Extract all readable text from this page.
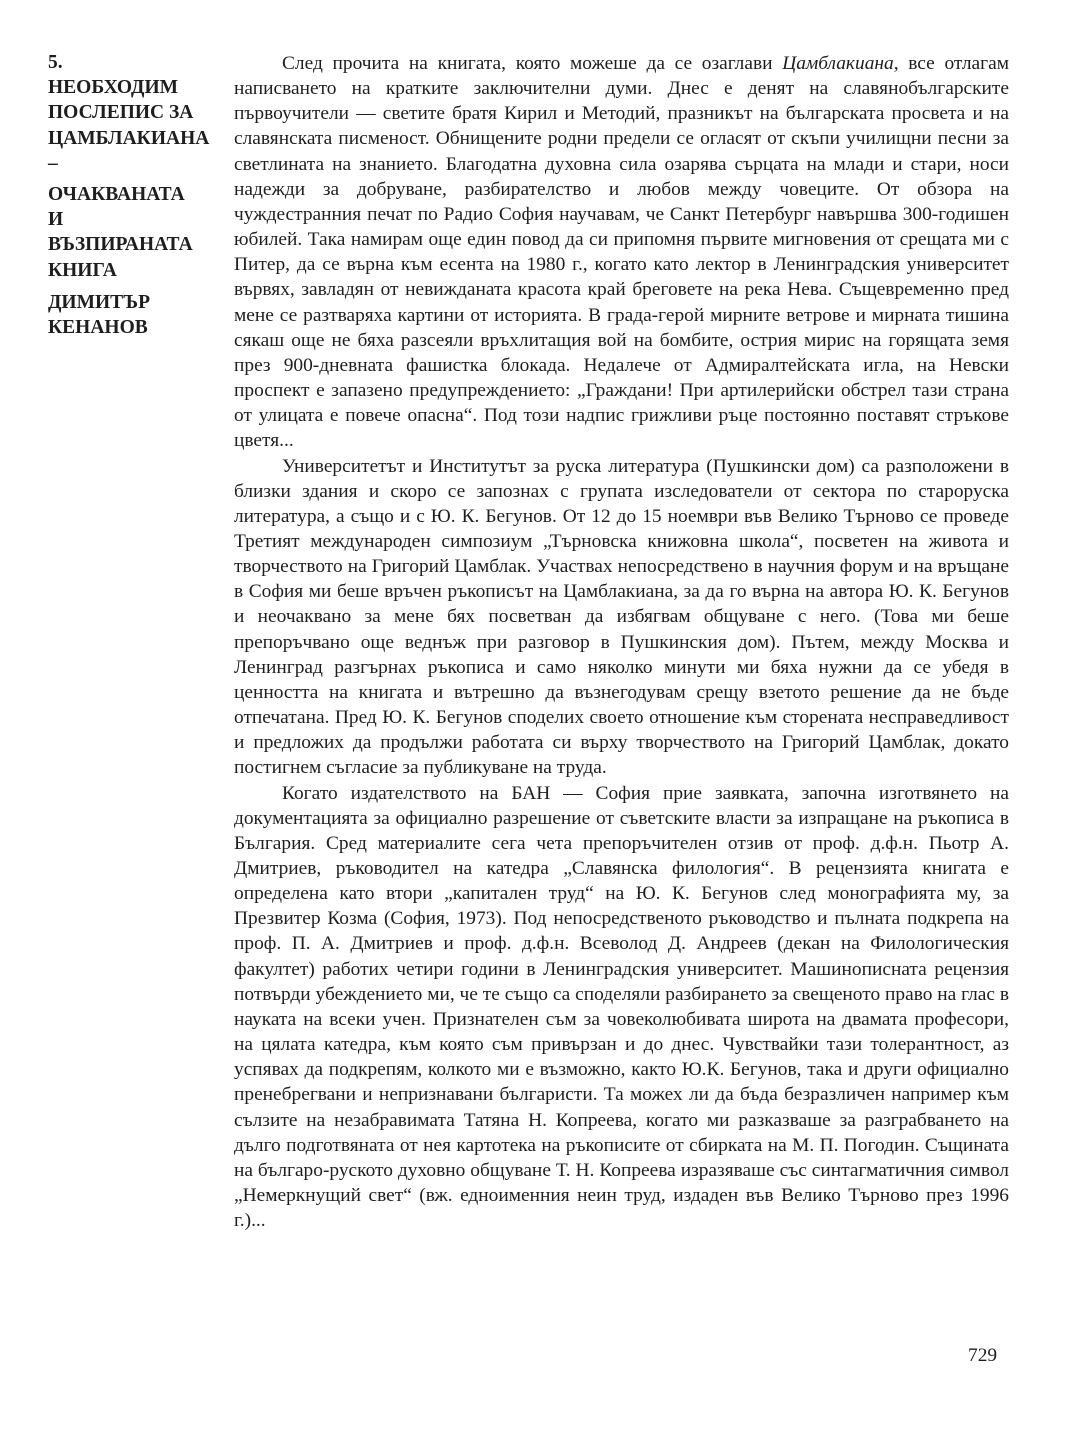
5.
НЕОБХОДИМ
ПОСЛЕПИС ЗА
ЦАМБЛАКИАНА
–
ОЧАКВАНАТА
И
ВЪЗПИРАНАТА
КНИГА
ДИМИТЪР
КЕНАНОВ

След прочита на книгата, която можеше да се озаглави Цамблакиана, все отлагам написването на кратките заключителни думи. Днес е денят на славянобългарските първоучители — светите братя Кирил и Методий, празникът на българската просвета и на славянската писменост. Обнищените родни предели се огласят от скъпи училищни песни за светлината на знанието. Благодатна духовна сила озарява сърцата на млади и стари, носи надежди за добруване, разбирателство и любов между човеците. От обзора на чуждестранния печат по Радио София научавам, че Санкт Петербург навършва 300-годишен юбилей. Така намирам още един повод да си припомня първите мигновения от срещата ми с Питер, да се върна към есента на 1980 г., когато като лектор в Ленинградския университет вървях, завладян от невижданата красота край бреговете на река Нева. Същевременно пред мене се разтваряха картини от историята. В града-герой мирните ветрове и мирната тишина сякаш още не бяха разсеяли връхлитащия вой на бомбите, острия мирис на горящата земя през 900-дневната фашистка блокада. Недалече от Адмиралтейската игла, на Невски проспект е запазено предупреждението: „Граждани! При артилерийски обстрел тази страна от улицата е повече опасна“. Под този надпис грижливи ръце постоянно поставят стръкове цветя...

Университетът и Институтът за руска литература (Пушкински дом) са разположени в близки здания и скоро се запознах с групата изследователи от сектора по староруска литература, а също и с Ю. К. Бегунов. От 12 до 15 ноември във Велико Търново се проведе Третият международен симпозиум „Търновска книжовна школа“, посветен на живота и творчеството на Григорий Цамблак. Участвах непосредствено в научния форум и на връщане в София ми беше връчен ръкописът на Цамблакиана, за да го върна на автора Ю. К. Бегунов и неочаквано за мене бях посветван да избягвам общуване с него. (Това ми беше препоръчвано още веднъж при разговор в Пушкинския дом). Пътем, между Москва и Ленинград разгърнах ръкописа и само няколко минути ми бяха нужни да се убедя в ценността на книгата и вътрешно да възнегодувам срещу взетото решение да не бъде отпечатана. Пред Ю. К. Бегунов споделих своето отношение към сторената несправедливост и предложих да продължи работата си върху творчеството на Григорий Цамблак, докато постигнем съгласие за публикуване на труда.

Когато издателството на БАН — София прие заявката, започна изготвянето на документацията за официално разрешение от съветските власти за изпращане на ръкописа в България. Сред материалите сега чета препоръчителен отзив от проф. д.ф.н. Пьотр А. Дмитриев, ръководител на катедра „Славянска филология“. В рецензията книгата е определена като втори „капитален труд“ на Ю. К. Бегунов след монографията му, за Презвитер Козма (София, 1973). Под непосредственото ръководство и пълната подкрепа на проф. П. А. Дмитриев и проф. д.ф.н. Всеволод Д. Андреев (декан на Филологическия факултет) работих четири години в Ленинградския университет. Машинописната рецензия потвърди убеждението ми, че те също са споделяли разбирането за свещеното право на глас в науката на всеки учен. Признателен съм за човеколюбивата широта на двамата професори, на цялата катедра, към която съм привързан и до днес. Чувствайки тази толерантност, аз успявах да подкрепям, колкото ми е възможно, както Ю.К. Бегунов, така и други официално пренебрегвани и непризнавани българисти. Та можех ли да бъда безразличен например към сълзите на незабравимата Татяна Н. Копреева, когато ми разказваше за разграбването на дълго подготвяната от нея картотека на ръкописите от сбирката на М. П. Погодин. Същината на българо-руското духовно общуване Т. Н. Копреева изразяваше със синтагматичния символ „Немеркнущий свет“ (вж. едноименния неин труд, издаден във Велико Търново през 1996 г.)...

729
